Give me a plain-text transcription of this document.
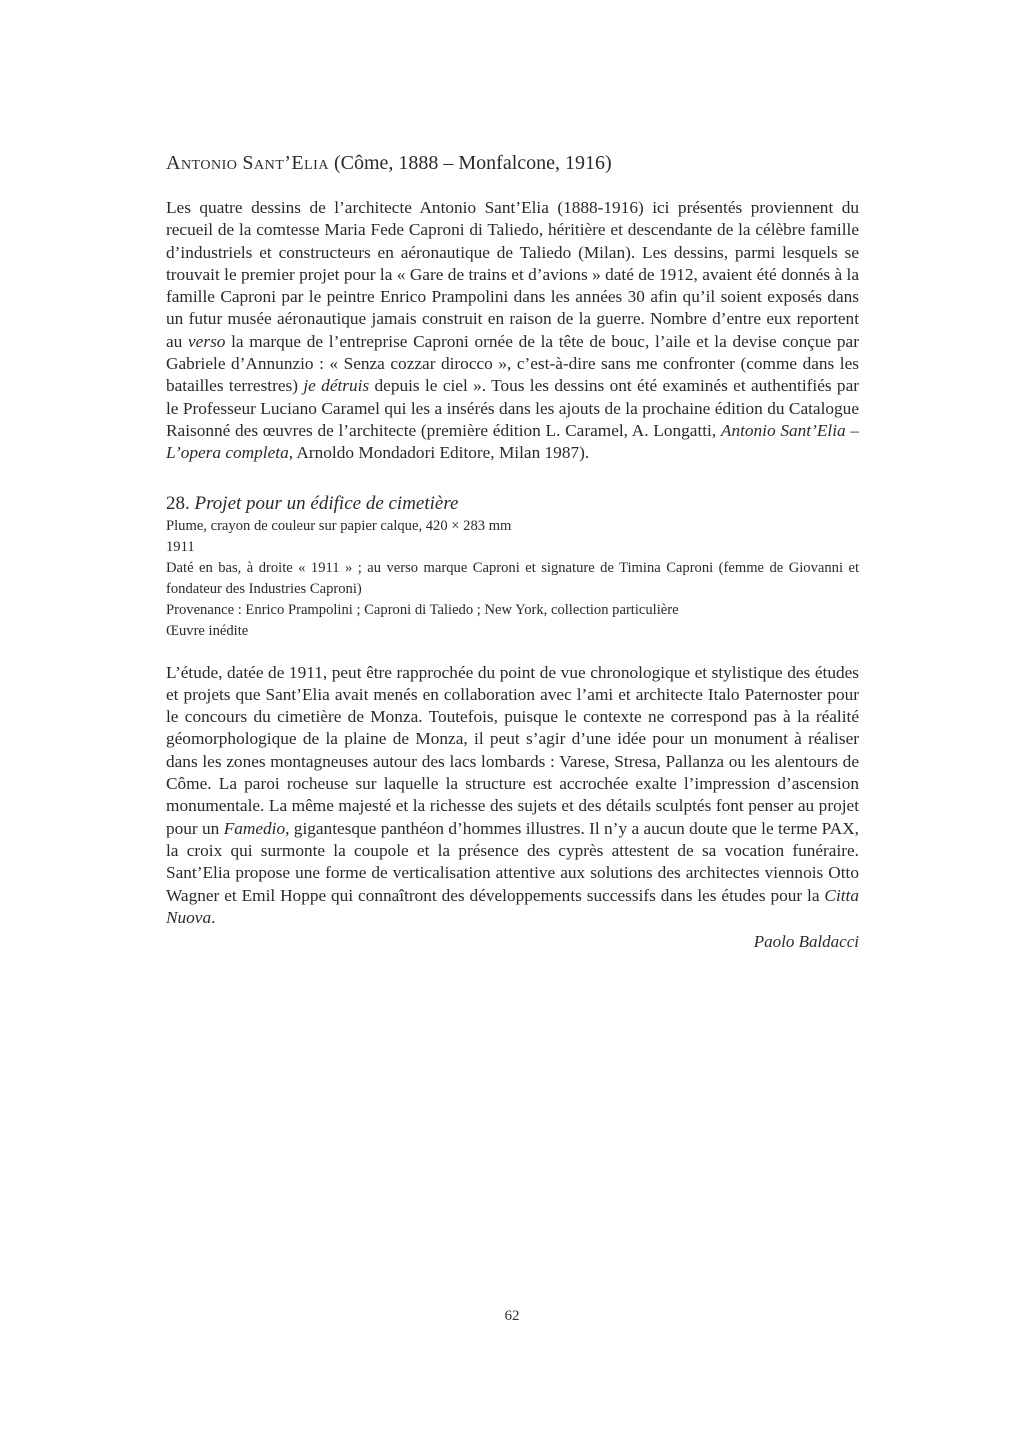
Antonio Sant’Elia (Côme, 1888 – Monfalcone, 1916)

Les quatre dessins de l’architecte Antonio Sant’Elia (1888-1916) ici présentés proviennent du recueil de la comtesse Maria Fede Caproni di Taliedo, héritière et descendante de la célèbre famille d’industriels et constructeurs en aéronautique de Taliedo (Milan). Les dessins, parmi lesquels se trouvait le premier projet pour la « Gare de trains et d’avions » daté de 1912, avaient été donnés à la famille Caproni par le peintre Enrico Prampolini dans les années 30 afin qu’il soient exposés dans un futur musée aéronautique jamais construit en raison de la guerre. Nombre d’entre eux reportent au verso la marque de l’entreprise Caproni ornée de la tête de bouc, l’aile et la devise conçue par Gabriele d’Annunzio : « Senza cozzar dirocco », c’est-à-dire sans me confronter (comme dans les batailles terrestres) je détruis depuis le ciel ». Tous les dessins ont été examinés et authentifiés par le Professeur Luciano Caramel qui les a insérés dans les ajouts de la prochaine édition du Catalogue Raisonné des œuvres de l’architecte (première édition L. Caramel, A. Longatti, Antonio Sant’Elia – L’opera completa, Arnoldo Mondadori Editore, Milan 1987).

28. Projet pour un édifice de cimetière

Plume, crayon de couleur sur papier calque, 420 × 283 mm

1911

Daté en bas, à droite « 1911 » ; au verso marque Caproni et signature de Timina Caproni (femme de Giovanni et fondateur des Industries Caproni)

Provenance : Enrico Prampolini ; Caproni di Taliedo ; New York, collection particulière

Œuvre inédite

L’étude, datée de 1911, peut être rapprochée du point de vue chronologique et stylistique des études et projets que Sant’Elia avait menés en collaboration avec l’ami et architecte Italo Paternoster pour le concours du cimetière de Monza. Toutefois, puisque le contexte ne correspond pas à la réalité géomorphologique de la plaine de Monza, il peut s’agir d’une idée pour un monument à réaliser dans les zones montagneuses autour des lacs lombards : Varese, Stresa, Pallanza ou les alentours de Côme. La paroi rocheuse sur laquelle la structure est accrochée exalte l’impression d’ascension monumentale. La même majesté et la richesse des sujets et des détails sculptés font penser au projet pour un Famedio, gigantesque panthéon d’hommes illustres. Il n’y a aucun doute que le terme PAX, la croix qui surmonte la coupole et la présence des cyprès attestent de sa vocation funéraire. Sant’Elia propose une forme de verticalisation attentive aux solutions des architectes viennois Otto Wagner et Emil Hoppe qui connaîtront des développements successifs dans les études pour la Citta Nuova.

Paolo Baldacci
62
